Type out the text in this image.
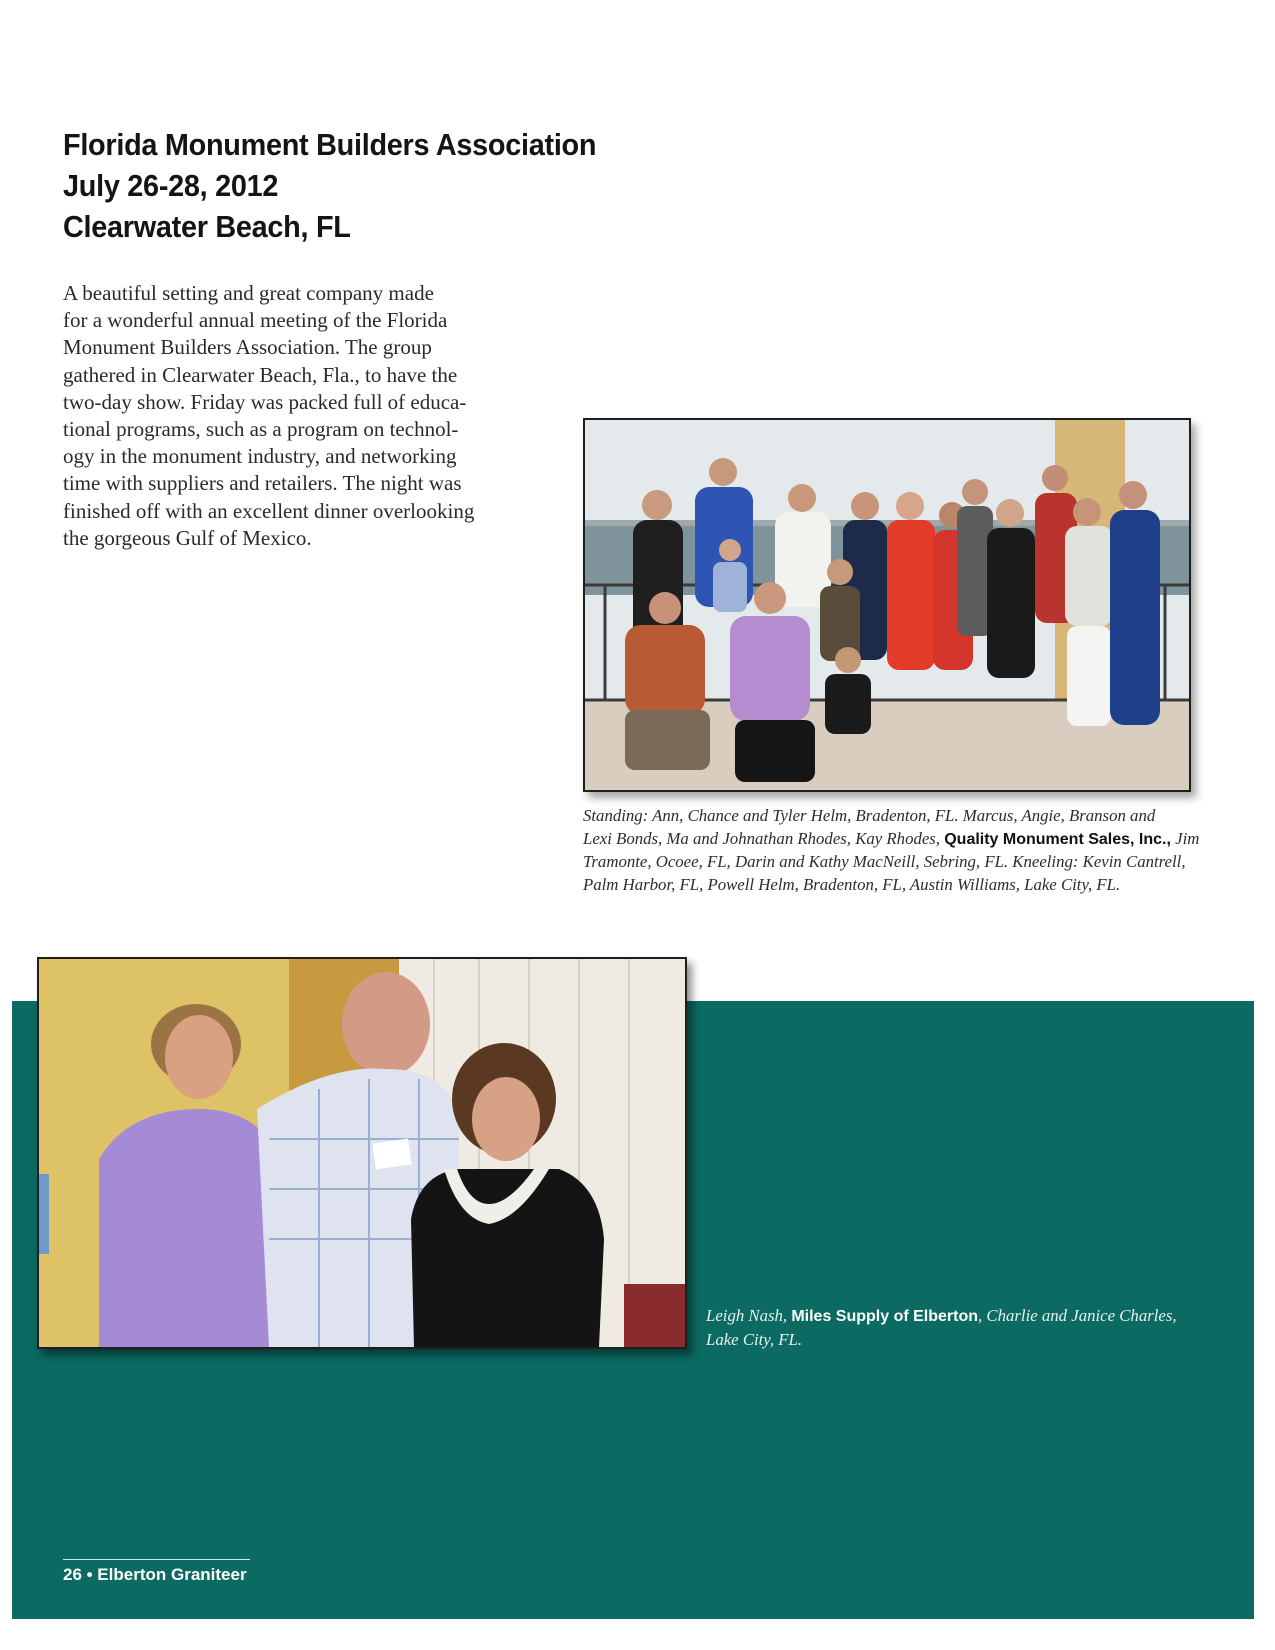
Florida Monument Builders Association
July 26-28, 2012
Clearwater Beach, FL
A beautiful setting and great company made
for a wonderful annual meeting of the Florida
Monument Builders Association. The group
gathered in Clearwater Beach, Fla., to have the
two-day show. Friday was packed full of educa-
tional programs, such as a program on technol-
ogy in the monument industry, and networking
time with suppliers and retailers. The night was
finished off with an excellent dinner overlooking
the gorgeous Gulf of Mexico.
Standing: Ann, Chance and Tyler Helm, Bradenton, FL. Marcus, Angie, Branson and
Lexi Bonds, Ma and Johnathan Rhodes, Kay Rhodes, Quality Monument Sales, Inc., Jim
Tramonte, Ocoee, FL, Darin and Kathy MacNeill, Sebring, FL. Kneeling: Kevin Cantrell,
Palm Harbor, FL, Powell Helm, Bradenton, FL, Austin Williams, Lake City, FL.
Leigh Nash, Miles Supply of Elberton, Charlie and Janice Charles,
Lake City, FL.
26 • Elberton Graniteer
